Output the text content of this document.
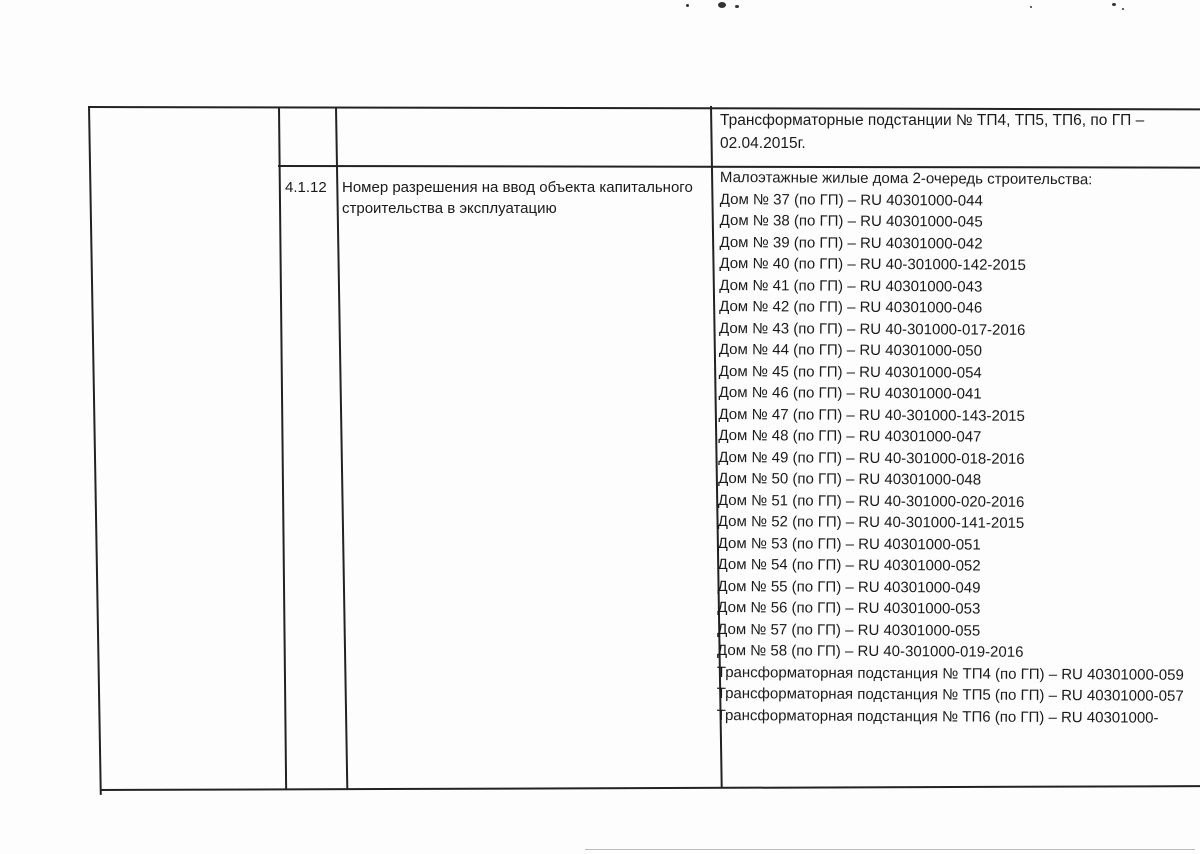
Трансформаторные подстанции № ТП4, ТП5, ТП6, по ГП –
02.04.2015г.
4.1.12 Номер разрешения на ввод объекта капитального строительства в эксплуатацию
Малоэтажные жилые дома 2-очередь строительства:
Дом № 37 (по ГП) – RU 40301000-044
Дом № 38 (по ГП) – RU 40301000-045
Дом № 39 (по ГП) – RU 40301000-042
Дом № 40 (по ГП) – RU 40-301000-142-2015
Дом № 41 (по ГП) – RU 40301000-043
Дом № 42 (по ГП) – RU 40301000-046
Дом № 43 (по ГП) – RU 40-301000-017-2016
Дом № 44 (по ГП) – RU 40301000-050
Дом № 45 (по ГП) – RU 40301000-054
Дом № 46 (по ГП) – RU 40301000-041
Дом № 47 (по ГП) – RU 40-301000-143-2015
Дом № 48 (по ГП) – RU 40301000-047
Дом № 49 (по ГП) – RU 40-301000-018-2016
Дом № 50 (по ГП) – RU 40301000-048
Дом № 51 (по ГП) – RU 40-301000-020-2016
Дом № 52 (по ГП) – RU 40-301000-141-2015
Дом № 53 (по ГП) – RU 40301000-051
Дом № 54 (по ГП) – RU 40301000-052
Дом № 55 (по ГП) – RU 40301000-049
Дом № 56 (по ГП) – RU 40301000-053
Дом № 57 (по ГП) – RU 40301000-055
Дом № 58 (по ГП) – RU 40-301000-019-2016
Трансформаторная подстанция № ТП4 (по ГП) – RU 40301000-059
Трансформаторная подстанция № ТП5 (по ГП) – RU 40301000-057
Трансформаторная подстанция № ТП6 (по ГП) – RU 40301000-
